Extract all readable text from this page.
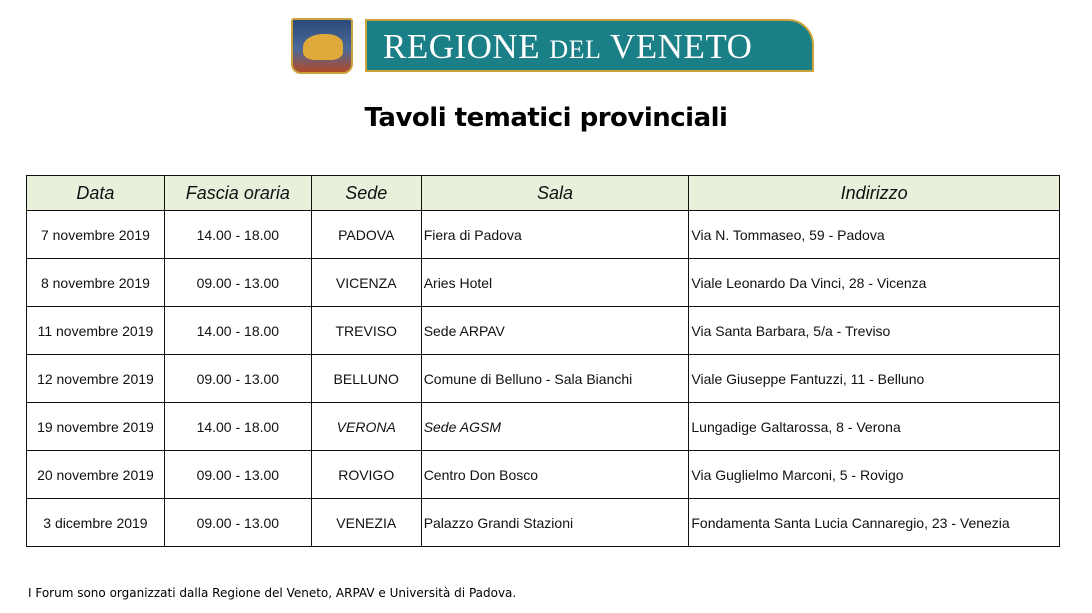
REGIONE DEL VENETO
Tavoli tematici provinciali
Data	Fascia oraria	Sede	Sala	Indirizzo
7 novembre 2019	14.00 - 18.00	PADOVA	Fiera di Padova	Via N. Tommaseo, 59 - Padova
8 novembre 2019	09.00 - 13.00	VICENZA	Aries Hotel	Viale Leonardo Da Vinci, 28 - Vicenza
11 novembre 2019	14.00 - 18.00	TREVISO	Sede ARPAV	Via Santa Barbara, 5/a - Treviso
12 novembre 2019	09.00 - 13.00	BELLUNO	Comune di Belluno - Sala Bianchi	Viale Giuseppe Fantuzzi, 11 - Belluno
19 novembre 2019	14.00 - 18.00	VERONA	Sede AGSM	Lungadige Galtarossa, 8 - Verona
20 novembre 2019	09.00 - 13.00	ROVIGO	Centro Don Bosco	Via Guglielmo Marconi, 5 - Rovigo
3 dicembre 2019	09.00 - 13.00	VENEZIA	Palazzo Grandi Stazioni	Fondamenta Santa Lucia Cannaregio, 23 - Venezia
I Forum sono organizzati dalla Regione del Veneto, ARPAV e Università di Padova.
